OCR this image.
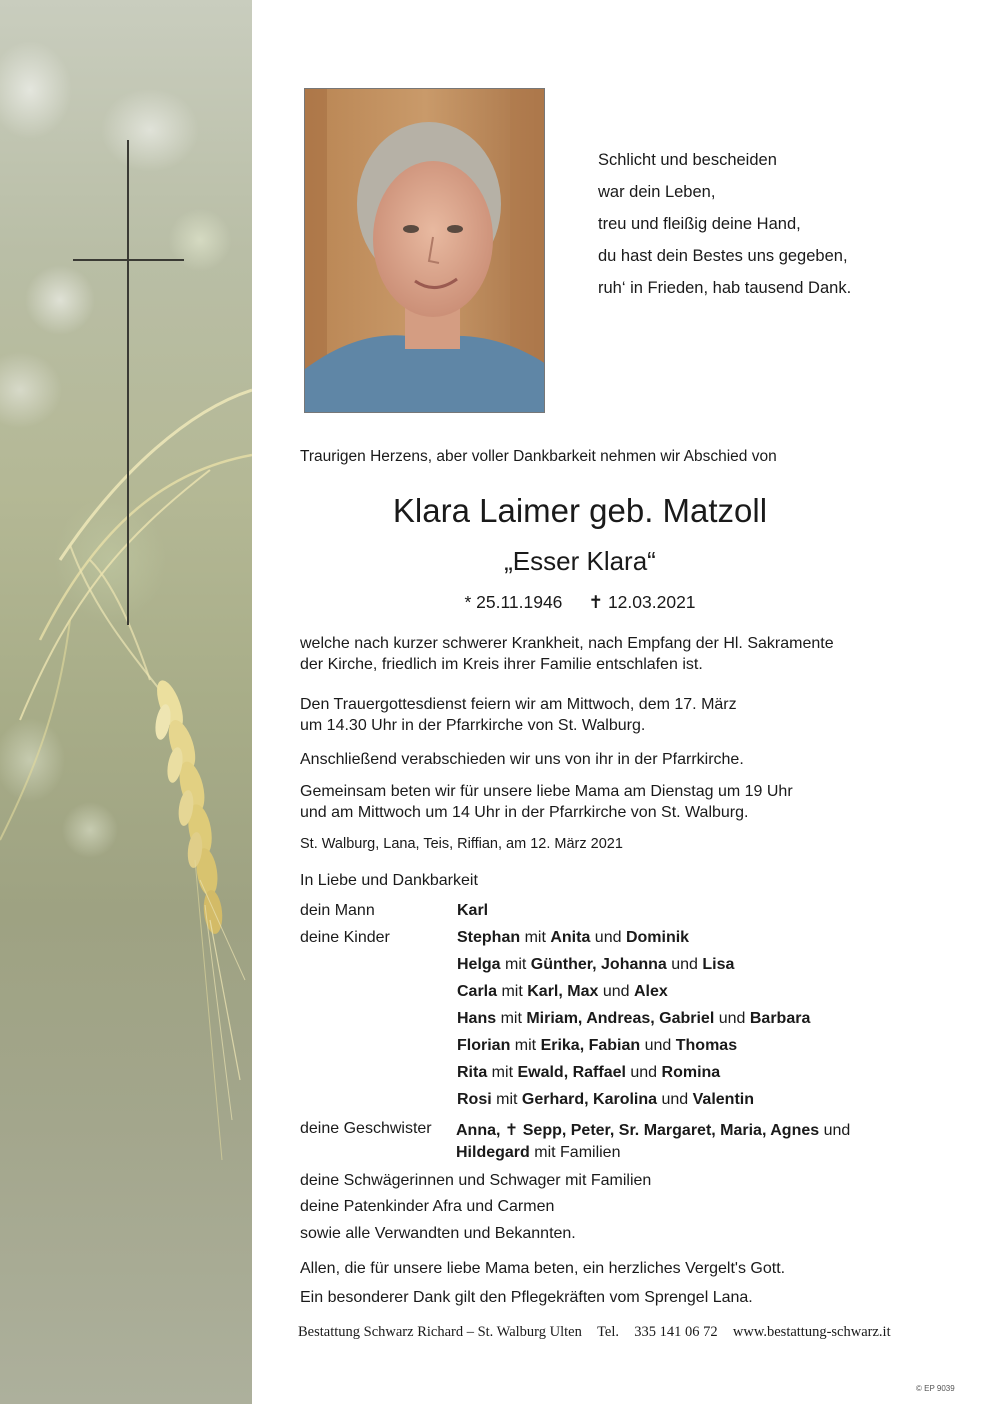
Schlicht und bescheiden
war dein Leben,
treu und fleißig deine Hand,
du hast dein Bestes uns gegeben,
ruh‘ in Frieden, hab tausend Dank.
Traurigen Herzens, aber voller Dankbarkeit nehmen wir Abschied von
Klara Laimer geb. Matzoll
„Esser Klara“
* 25.11.1946 ✝ 12.03.2021
welche nach kurzer schwerer Krankheit, nach Empfang der Hl. Sakramente
der Kirche, friedlich im Kreis ihrer Familie entschlafen ist.
Den Trauergottesdienst feiern wir am Mittwoch, dem 17. März
um 14.30 Uhr in der Pfarrkirche von St. Walburg.
Anschließend verabschieden wir uns von ihr in der Pfarrkirche.
Gemeinsam beten wir für unsere liebe Mama am Dienstag um 19 Uhr
und am Mittwoch um 14 Uhr in der Pfarrkirche von St. Walburg.
St. Walburg, Lana, Teis, Riffian, am 12. März 2021
In Liebe und Dankbarkeit
dein Mann	Karl
deine Kinder	Stephan mit Anita und Dominik
Helga mit Günther, Johanna und Lisa
Carla mit Karl, Max und Alex
Hans mit Miriam, Andreas, Gabriel und Barbara
Florian mit Erika, Fabian und Thomas
Rita mit Ewald, Raffael und Romina
Rosi mit Gerhard, Karolina und Valentin
deine Geschwister Anna, ✝ Sepp, Peter, Sr. Margaret, Maria, Agnes und
Hildegard mit Familien
deine Schwägerinnen und Schwager mit Familien
deine Patenkinder Afra und Carmen
sowie alle Verwandten und Bekannten.
Allen, die für unsere liebe Mama beten, ein herzliches Vergelt's Gott.
Ein besonderer Dank gilt den Pflegekräften vom Sprengel Lana.
Bestattung Schwarz Richard – St. Walburg Ulten Tel. 335 141 06 72 www.bestattung-schwarz.it
© EP 9039
